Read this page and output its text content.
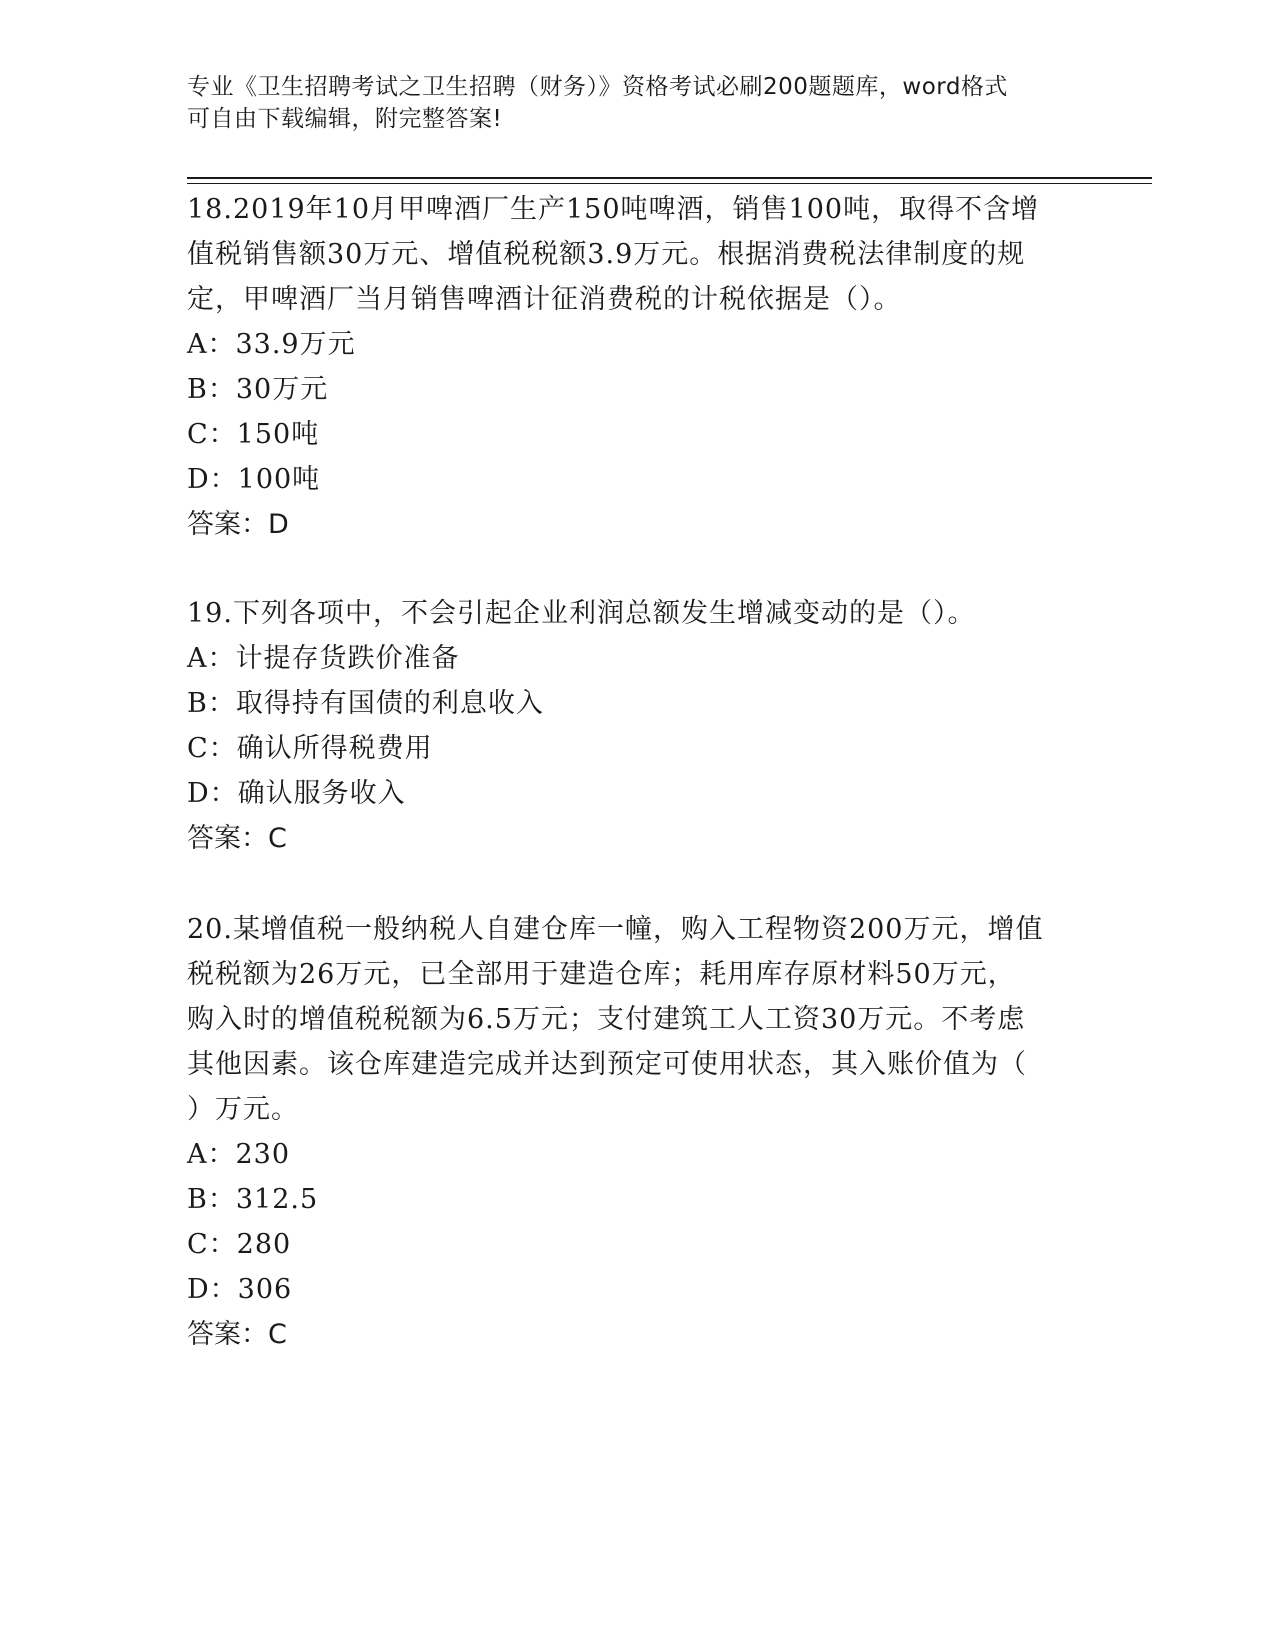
专业《卫生招聘考试之卫生招聘（财务）》资格考试必刷200题题库，word格式
可自由下载编辑，附完整答案!
18.2019年10月甲啤酒厂生产150吨啤酒，销售100吨，取得不含增
值税销售额30万元、增值税税额3.9万元。根据消费税法律制度的规
定，甲啤酒厂当月销售啤酒计征消费税的计税依据是（）。
A：33.9万元
B：30万元
C：150吨
D：100吨
答案：D
19.下列各项中，不会引起企业利润总额发生增减变动的是（）。
A：计提存货跌价准备
B：取得持有国债的利息收入
C：确认所得税费用
D：确认服务收入
答案：C
20.某增值税一般纳税人自建仓库一幢，购入工程物资200万元，增值
税税额为26万元，已全部用于建造仓库；耗用库存原材料50万元，
购入时的增值税税额为6.5万元；支付建筑工人工资30万元。不考虑
其他因素。该仓库建造完成并达到预定可使用状态，其入账价值为（
）万元。
A：230
B：312.5
C：280
D：306
答案：C
